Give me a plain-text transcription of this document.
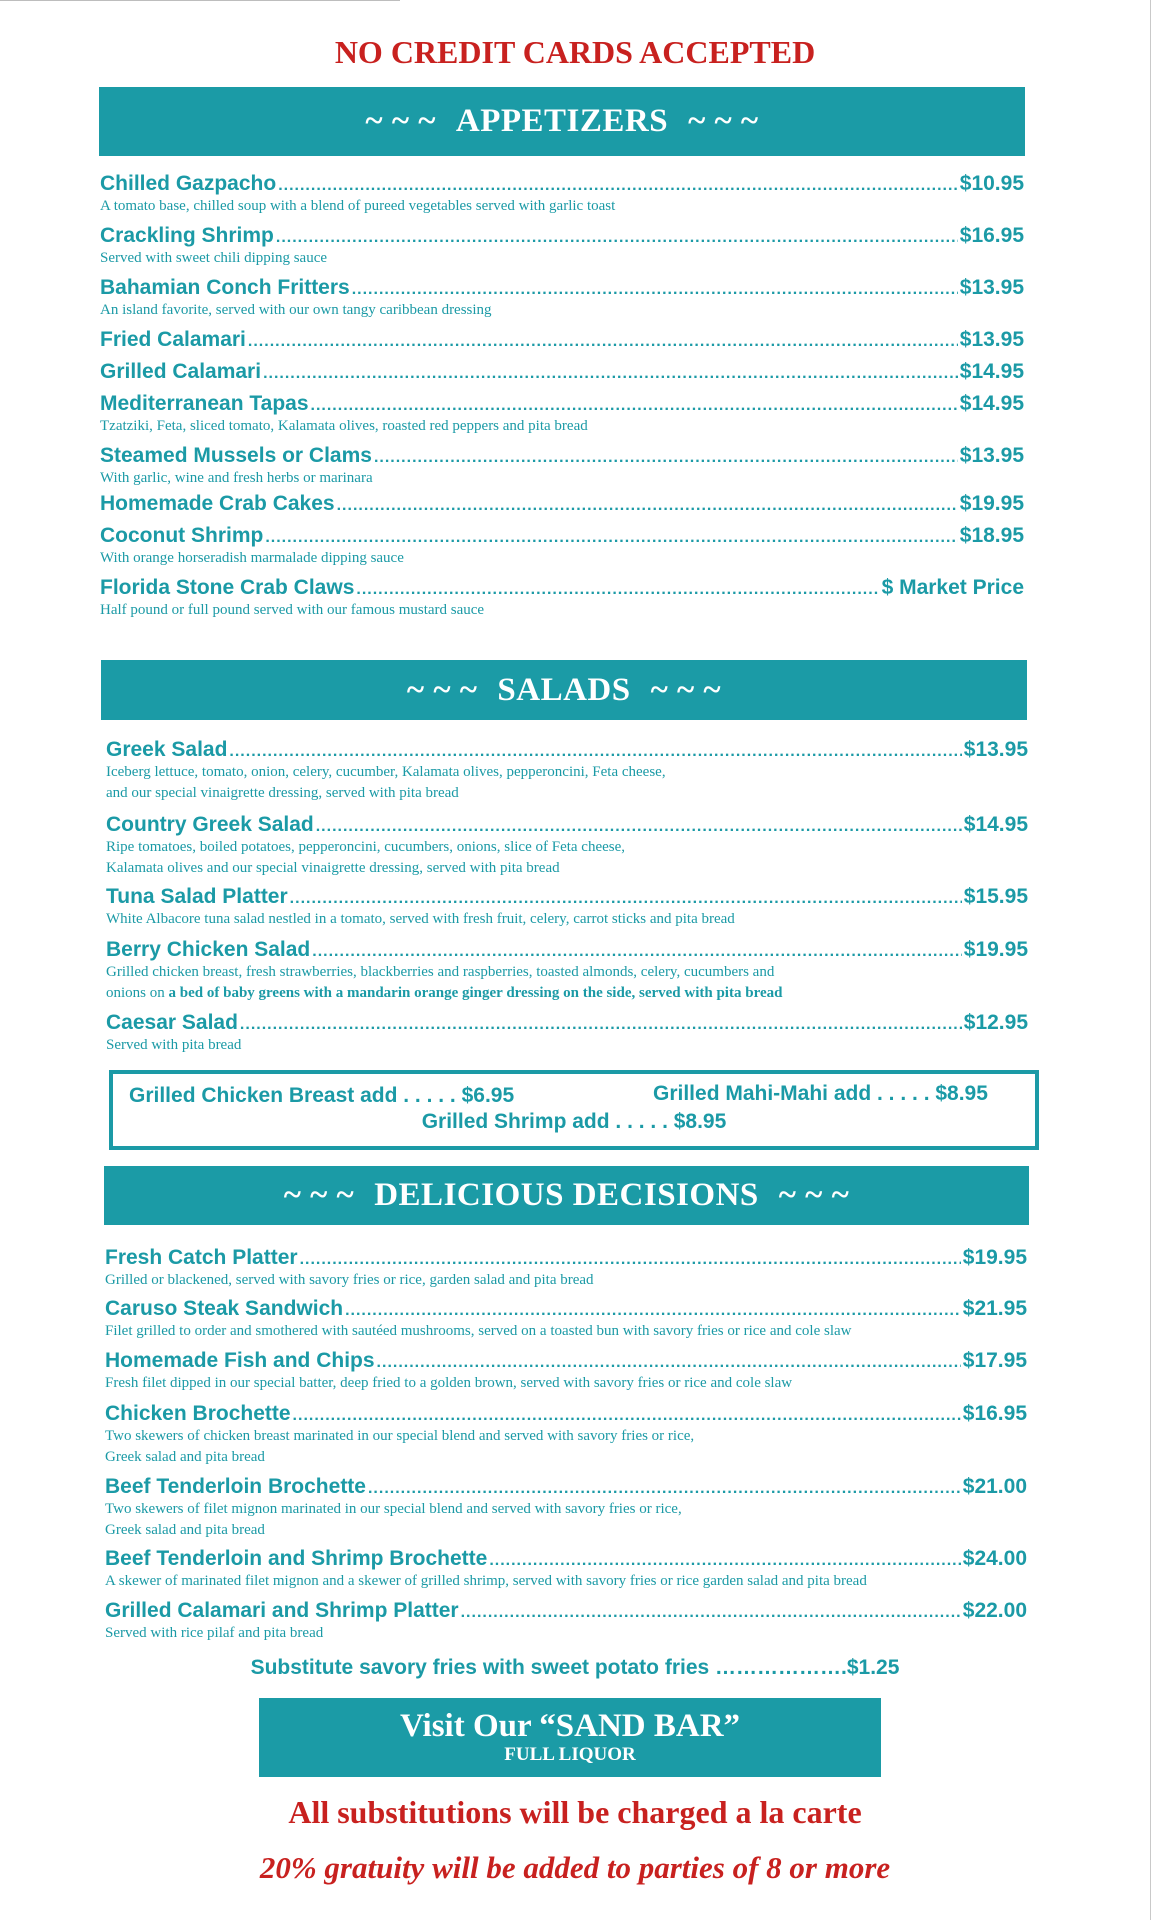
NO CREDIT CARDS ACCEPTED
~ ~ ~ APPETIZERS ~ ~ ~
Chilled Gazpacho .....	$10.95
A tomato base, chilled soup with a blend of pureed vegetables served with garlic toast
Crackling Shrimp .....	$16.95
Served with sweet chili dipping sauce
Bahamian Conch Fritters .....	$13.95
An island favorite, served with our own tangy caribbean dressing
Fried Calamari .....	$13.95
Grilled Calamari .....	$14.95
Mediterranean Tapas .....	$14.95
Tzatziki, Feta, sliced tomato, Kalamata olives, roasted red peppers and pita bread
Steamed Mussels or Clams .....	$13.95
With garlic, wine and fresh herbs or marinara
Homemade Crab Cakes .....	$19.95
Coconut Shrimp .....	$18.95
With orange horseradish marmalade dipping sauce
Florida Stone Crab Claws .....	$ Market Price
Half pound or full pound served with our famous mustard sauce
~ ~ ~ SALADS ~ ~ ~
Greek Salad .....	$13.95
Iceberg lettuce, tomato, onion, celery, cucumber, Kalamata olives, pepperoncini, Feta cheese,
and our special vinaigrette dressing, served with pita bread
Country Greek Salad .....	$14.95
Ripe tomatoes, boiled potatoes, pepperoncini, cucumbers, onions, slice of Feta cheese,
Kalamata olives and our special vinaigrette dressing, served with pita bread
Tuna Salad Platter .....	$15.95
White Albacore tuna salad nestled in a tomato, served with fresh fruit, celery, carrot sticks and pita bread
Berry Chicken Salad .....	$19.95
Grilled chicken breast, fresh strawberries, blackberries and raspberries, toasted almonds, celery, cucumbers and
onions on a bed of baby greens with a mandarin orange ginger dressing on the side, served with pita bread
Caesar Salad .....	$12.95
Served with pita bread
Grilled Chicken Breast add . . . . . $6.95	Grilled Mahi-Mahi add . . . . . $8.95
Grilled Shrimp add . . . . . $8.95
~ ~ ~ DELICIOUS DECISIONS ~ ~ ~
Fresh Catch Platter .....	$19.95
Grilled or blackened, served with savory fries or rice, garden salad and pita bread
Caruso Steak Sandwich .....	$21.95
Filet grilled to order and smothered with sautéed mushrooms, served on a toasted bun with savory fries or rice and cole slaw
Homemade Fish and Chips .....	$17.95
Fresh filet dipped in our special batter, deep fried to a golden brown, served with savory fries or rice and cole slaw
Chicken Brochette .....	$16.95
Two skewers of chicken breast marinated in our special blend and served with savory fries or rice,
Greek salad and pita bread
Beef Tenderloin Brochette .....	$21.00
Two skewers of filet mignon marinated in our special blend and served with savory fries or rice,
Greek salad and pita bread
Beef Tenderloin and Shrimp Brochette .....	$24.00
A skewer of marinated filet mignon and a skewer of grilled shrimp, served with savory fries or rice garden salad and pita bread
Grilled Calamari and Shrimp Platter .....	$22.00
Served with rice pilaf and pita bread
Substitute savory fries with sweet potato fries ……………….$1.25
Visit Our “SAND BAR”
FULL LIQUOR
All substitutions will be charged a la carte
20% gratuity will be added to parties of 8 or more
